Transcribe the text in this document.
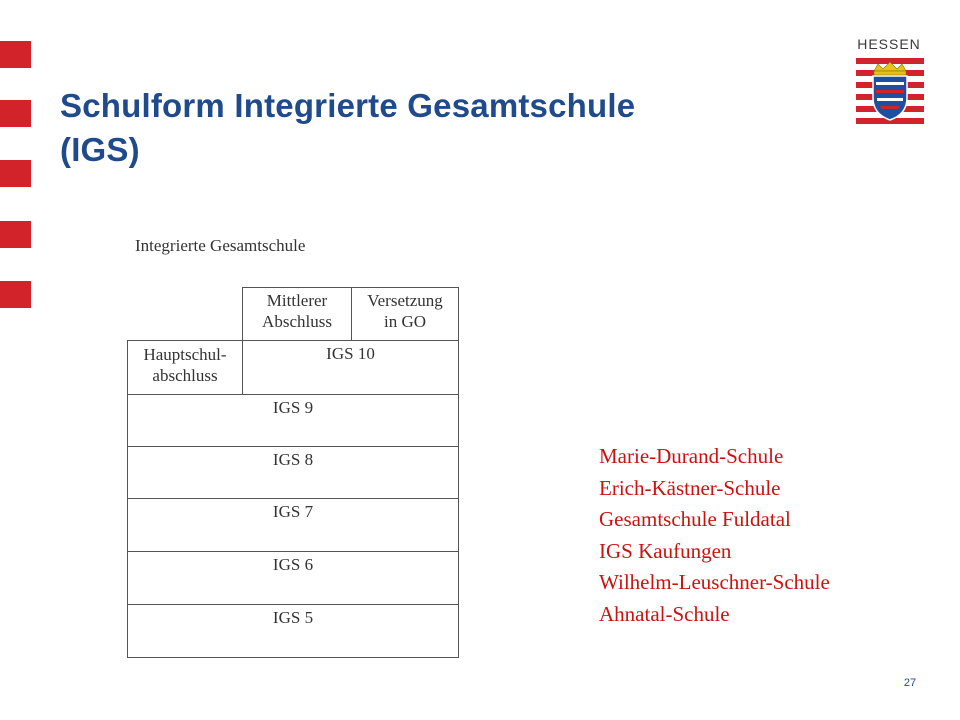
Schulform Integrierte Gesamtschule
(IGS)
HESSEN
Integrierte Gesamtschule
Mittlerer
Abschluss
Versetzung
in GO
Hauptschul-
abschluss
IGS 10
IGS 9
IGS 8
IGS 7
IGS 6
IGS 5
Marie-Durand-Schule
Erich-Kästner-Schule
Gesamtschule Fuldatal
IGS Kaufungen
Wilhelm-Leuschner-Schule
Ahnatal-Schule
27
